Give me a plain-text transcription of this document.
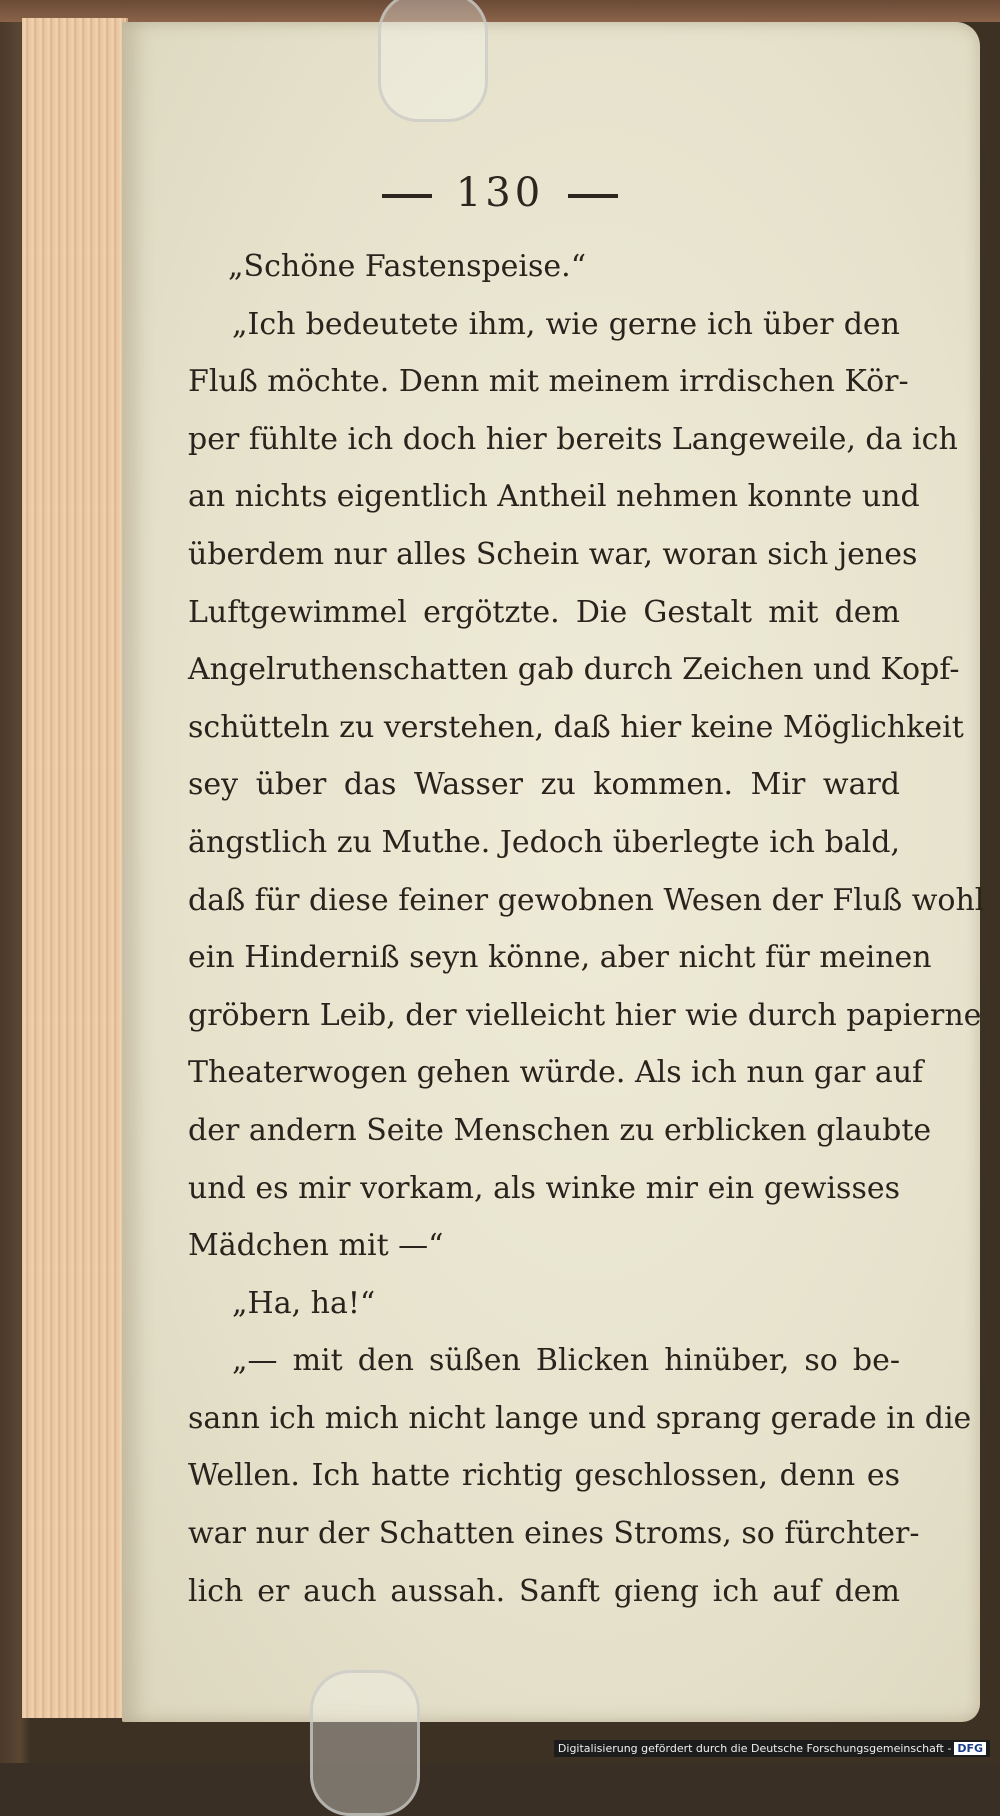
130
„Schöne Fastenspeise.“
„Ich bedeutete ihm, wie gerne ich über den
Fluß möchte. Denn mit meinem irrdischen Kör-
per fühlte ich doch hier bereits Langeweile, da ich
an nichts eigentlich Antheil nehmen konnte und
überdem nur alles Schein war, woran sich jenes
Luftgewimmel ergötzte. Die Gestalt mit dem
Angelruthenschatten gab durch Zeichen und Kopf-
schütteln zu verstehen, daß hier keine Möglichkeit
sey über das Wasser zu kommen. Mir ward
ängstlich zu Muthe. Jedoch überlegte ich bald,
daß für diese feiner gewobnen Wesen der Fluß wohl
ein Hinderniß seyn könne, aber nicht für meinen
gröbern Leib, der vielleicht hier wie durch papierne
Theaterwogen gehen würde. Als ich nun gar auf
der andern Seite Menschen zu erblicken glaubte
und es mir vorkam, als winke mir ein gewisses
Mädchen mit —“
„Ha, ha!“
„— mit den süßen Blicken hinüber, so be-
sann ich mich nicht lange und sprang gerade in die
Wellen. Ich hatte richtig geschlossen, denn es
war nur der Schatten eines Stroms, so fürchter-
lich er auch aussah. Sanft gieng ich auf dem
Digitalisierung gefördert durch die Deutsche Forschungsgemeinschaft - DFG
